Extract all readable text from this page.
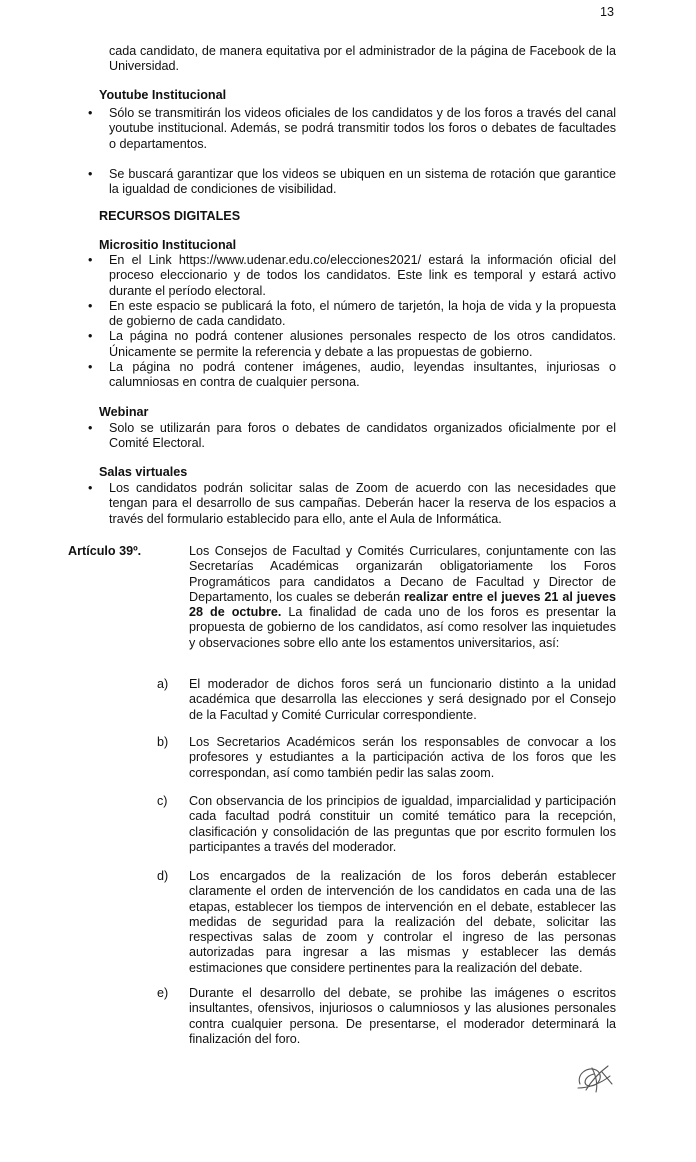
13
cada candidato, de manera equitativa por el administrador de la página de Facebook de la Universidad.
Youtube Institucional
• Sólo se transmitirán los videos oficiales de los candidatos y de los foros a través del canal youtube institucional. Además, se podrá transmitir todos los foros o debates de facultades o departamentos.
• Se buscará garantizar que los videos se ubiquen en un sistema de rotación que garantice la igualdad de condiciones de visibilidad.
RECURSOS DIGITALES
Micrositio Institucional
• En el Link https://www.udenar.edu.co/elecciones2021/ estará la información oficial del proceso eleccionario y de todos los candidatos. Este link es temporal y estará activo durante el período electoral.
• En este espacio se publicará la foto, el número de tarjetón, la hoja de vida y la propuesta de gobierno de cada candidato.
• La página no podrá contener alusiones personales respecto de los otros candidatos. Únicamente se permite la referencia y debate a las propuestas de gobierno.
• La página no podrá contener imágenes, audio, leyendas insultantes, injuriosas o calumniosas en contra de cualquier persona.
Webinar
• Solo se utilizarán para foros o debates de candidatos organizados oficialmente por el Comité Electoral.
Salas virtuales
• Los candidatos podrán solicitar salas de Zoom de acuerdo con las necesidades que tengan para el desarrollo de sus campañas. Deberán hacer la reserva de los espacios a través del formulario establecido para ello, ante el Aula de Informática.
Artículo 39º.	Los Consejos de Facultad y Comités Curriculares, conjuntamente con las Secretarías Académicas organizarán obligatoriamente los Foros Programáticos para candidatos a Decano de Facultad y Director de Departamento, los cuales se deberán realizar entre el jueves 21 al jueves 28 de octubre. La finalidad de cada uno de los foros es presentar la propuesta de gobierno de los candidatos, así como resolver las inquietudes y observaciones sobre ello ante los estamentos universitarios, así:
a) El moderador de dichos foros será un funcionario distinto a la unidad académica que desarrolla las elecciones y será designado por el Consejo de la Facultad y Comité Curricular correspondiente.
b) Los Secretarios Académicos serán los responsables de convocar a los profesores y estudiantes a la participación activa de los foros que les correspondan, así como también pedir las salas zoom.
c) Con observancia de los principios de igualdad, imparcialidad y participación cada facultad podrá constituir un comité temático para la recepción, clasificación y consolidación de las preguntas que por escrito formulen los participantes a través del moderador.
d) Los encargados de la realización de los foros deberán establecer claramente el orden de intervención de los candidatos en cada una de las etapas, establecer los tiempos de intervención en el debate, establecer las medidas de seguridad para la realización del debate, solicitar las respectivas salas de zoom y controlar el ingreso de las personas autorizadas para ingresar a las mismas y establecer las demás estimaciones que considere pertinentes para la realización del debate.
e) Durante el desarrollo del debate, se prohibe las imágenes o escritos insultantes, ofensivos, injuriosos o calumniosos y las alusiones personales contra cualquier persona. De presentarse, el moderador determinará la finalización del foro.
